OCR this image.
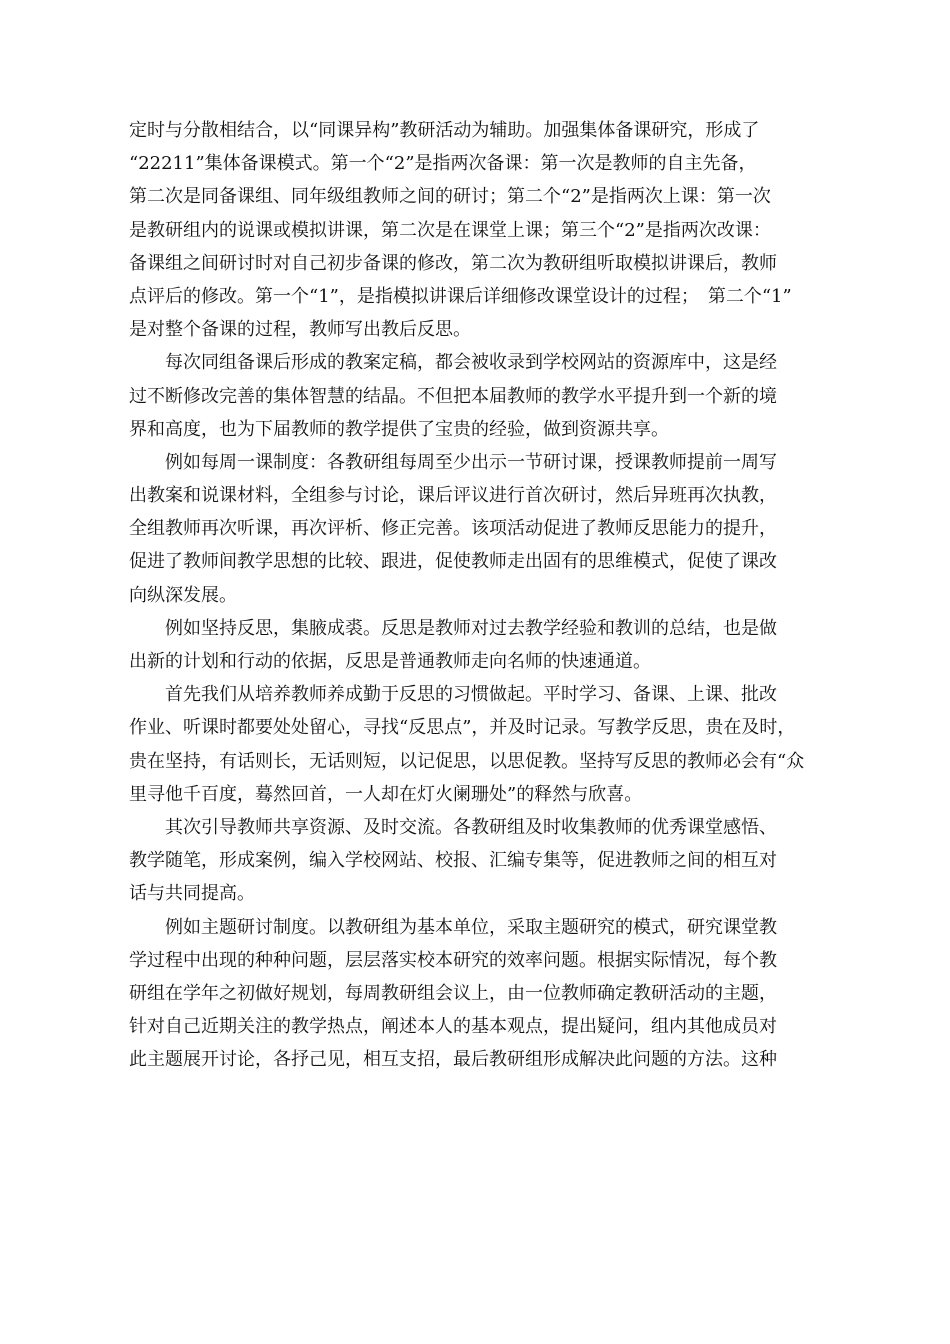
定时与分散相结合，以“同课异构”教研活动为辅助。加强集体备课研究，形成了
“22211”集体备课模式。第一个“2”是指两次备课：第一次是教师的自主先备，
第二次是同备课组、同年级组教师之间的研讨；第二个“2”是指两次上课：第一次
是教研组内的说课或模拟讲课，第二次是在课堂上课；第三个“2”是指两次改课：
备课组之间研讨时对自己初步备课的修改，第二次为教研组听取模拟讲课后，教师
点评后的修改。第一个“1”，是指模拟讲课后详细修改课堂设计的过程；　第二个“1”
是对整个备课的过程，教师写出教后反思。

　　每次同组备课后形成的教案定稿，都会被收录到学校网站的资源库中，这是经
过不断修改完善的集体智慧的结晶。不但把本届教师的教学水平提升到一个新的境
界和高度，也为下届教师的教学提供了宝贵的经验，做到资源共享。

　　例如每周一课制度：各教研组每周至少出示一节研讨课，授课教师提前一周写
出教案和说课材料，全组参与讨论，课后评议进行首次研讨，然后异班再次执教，
全组教师再次听课，再次评析、修正完善。该项活动促进了教师反思能力的提升，
促进了教师间教学思想的比较、跟进，促使教师走出固有的思维模式，促使了课改
向纵深发展。

　　例如坚持反思，集腋成裘。反思是教师对过去教学经验和教训的总结，也是做
出新的计划和行动的依据，反思是普通教师走向名师的快速通道。

　　首先我们从培养教师养成勤于反思的习惯做起。平时学习、备课、上课、批改
作业、听课时都要处处留心，寻找“反思点”，并及时记录。写教学反思，贵在及时，
贵在坚持，有话则长，无话则短，以记促思，以思促教。坚持写反思的教师必会有“众
里寻他千百度，蓦然回首，一人却在灯火阑珊处”的释然与欣喜。

　　其次引导教师共享资源、及时交流。各教研组及时收集教师的优秀课堂感悟、
教学随笔，形成案例，编入学校网站、校报、汇编专集等，促进教师之间的相互对
话与共同提高。

　　例如主题研讨制度。以教研组为基本单位，采取主题研究的模式，研究课堂教
学过程中出现的种种问题，层层落实校本研究的效率问题。根据实际情况，每个教
研组在学年之初做好规划，每周教研组会议上，由一位教师确定教研活动的主题，
针对自己近期关注的教学热点，阐述本人的基本观点，提出疑问，组内其他成员对
此主题展开讨论，各抒己见，相互支招，最后教研组形成解决此问题的方法。这种
